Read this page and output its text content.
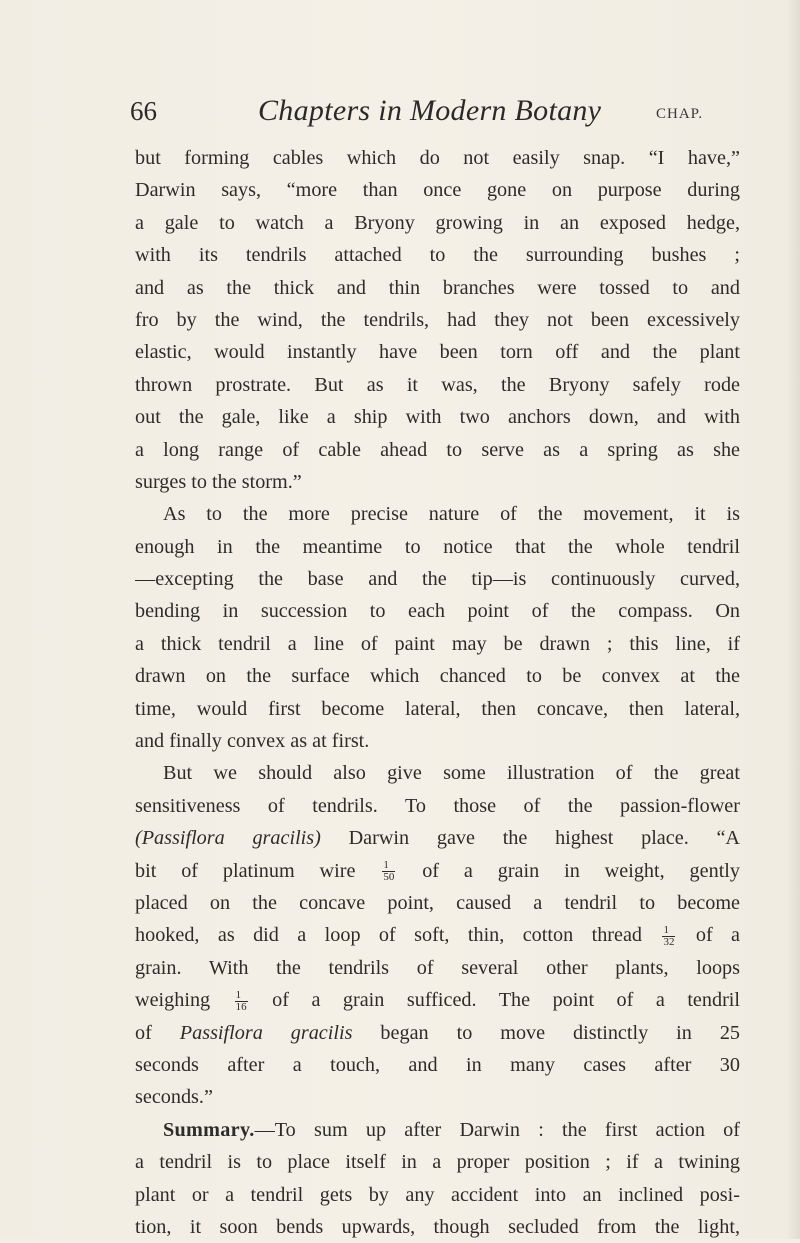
66	Chapters in Modern Botany	CHAP.
but forming cables which do not easily snap. “I have,”
Darwin says, “more than once gone on purpose during
a gale to watch a Bryony growing in an exposed hedge,
with its tendrils attached to the surrounding bushes ;
and as the thick and thin branches were tossed to and
fro by the wind, the tendrils, had they not been excessively
elastic, would instantly have been torn off and the plant
thrown prostrate. But as it was, the Bryony safely rode
out the gale, like a ship with two anchors down, and with
a long range of cable ahead to serve as a spring as she
surges to the storm.”
As to the more precise nature of the movement, it is
enough in the meantime to notice that the whole tendril
—excepting the base and the tip—is continuously curved,
bending in succession to each point of the compass. On
a thick tendril a line of paint may be drawn ; this line, if
drawn on the surface which chanced to be convex at the
time, would first become lateral, then concave, then lateral,
and finally convex as at first.
But we should also give some illustration of the great
sensitiveness of tendrils. To those of the passion-flower
(Passiflora gracilis) Darwin gave the highest place. “A
bit of platinum wire $\frac{1}{50}$ of a grain in weight, gently
placed on the concave point, caused a tendril to become
hooked, as did a loop of soft, thin, cotton thread $\frac{1}{32}$ of a
grain. With the tendrils of several other plants, loops
weighing $\frac{1}{16}$ of a grain sufficed. The point of a tendril
of Passiflora gracilis began to move distinctly in 25
seconds after a touch, and in many cases after 30
seconds.”
Summary.—To sum up after Darwin : the first action of
a tendril is to place itself in a proper position ; if a twining
plant or a tendril gets by any accident into an inclined posi-
tion, it soon bends upwards, though secluded from the light,
